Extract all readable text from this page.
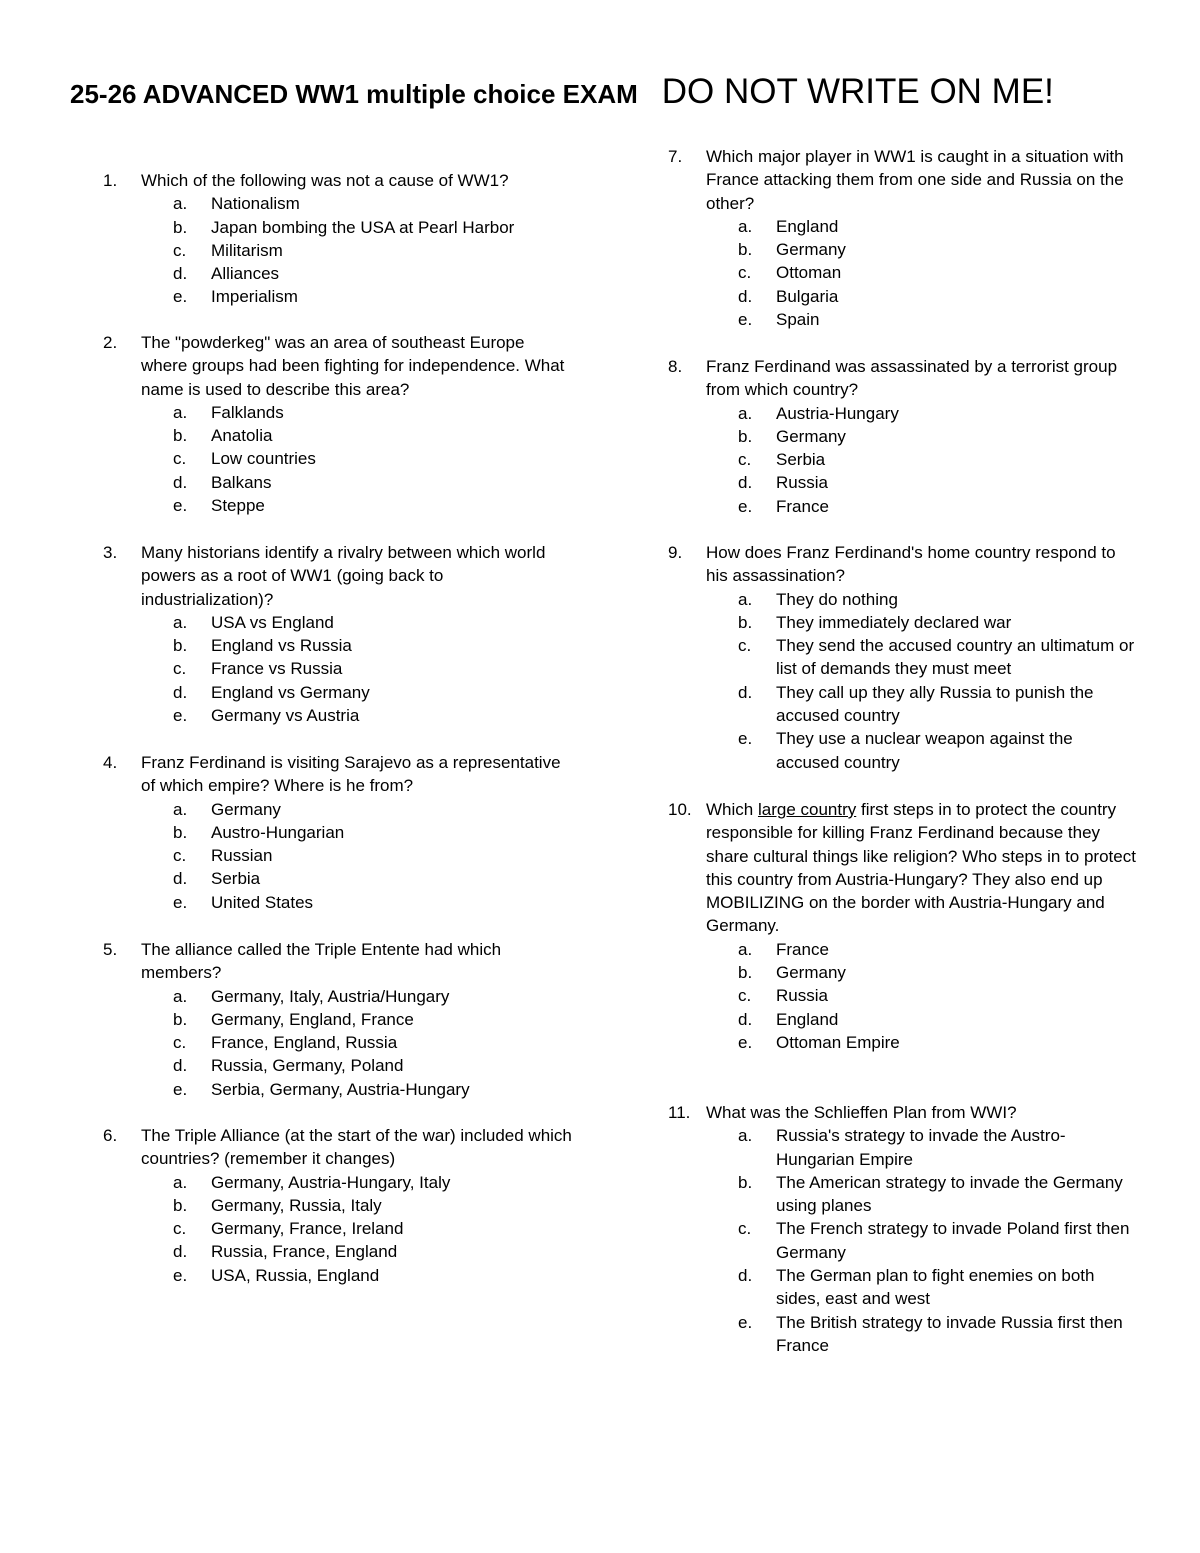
25-26 ADVANCED WW1 multiple choice EXAM DO NOT WRITE ON ME!
1.	Which of the following was not a cause of WW1?
a.	Nationalism
b.	Japan bombing the USA at Pearl Harbor
c.	Militarism
d.	Alliances
e.	Imperialism
2.	The "powderkeg" was an area of southeast Europe where groups had been fighting for independence. What name is used to describe this area?
a.	Falklands
b.	Anatolia
c.	Low countries
d.	Balkans
e.	Steppe
3.	Many historians identify a rivalry between which world powers as a root of WW1 (going back to industrialization)?
a.	USA vs England
b.	England vs Russia
c.	France vs Russia
d.	England vs Germany
e.	Germany vs Austria
4.	Franz Ferdinand is visiting Sarajevo as a representative of which empire? Where is he from?
a.	Germany
b.	Austro-Hungarian
c.	Russian
d.	Serbia
e.	United States
5.	The alliance called the Triple Entente had which members?
a.	Germany, Italy, Austria/Hungary
b.	Germany, England, France
c.	France, England, Russia
d.	Russia, Germany, Poland
e.	Serbia, Germany, Austria-Hungary
6.	The Triple Alliance (at the start of the war) included which countries? (remember it changes)
a.	Germany, Austria-Hungary, Italy
b.	Germany, Russia, Italy
c.	Germany, France, Ireland
d.	Russia, France, England
e.	USA, Russia, England
7.	Which major player in WW1 is caught in a situation with France attacking them from one side and Russia on the other?
a.	England
b.	Germany
c.	Ottoman
d.	Bulgaria
e.	Spain
8.	Franz Ferdinand was assassinated by a terrorist group from which country?
a.	Austria-Hungary
b.	Germany
c.	Serbia
d.	Russia
e.	France
9.	How does Franz Ferdinand's home country respond to his assassination?
a.	They do nothing
b.	They immediately declared war
c.	They send the accused country an ultimatum or list of demands they must meet
d.	They call up they ally Russia to punish the accused country
e.	They use a nuclear weapon against the accused country
10. Which large country first steps in to protect the country responsible for killing Franz Ferdinand because they share cultural things like religion? Who steps in to protect this country from Austria-Hungary? They also end up MOBILIZING on the border with Austria-Hungary and Germany.
a.	France
b.	Germany
c.	Russia
d.	England
e.	Ottoman Empire
11. What was the Schlieffen Plan from WWI?
a.	Russia's strategy to invade the Austro-Hungarian Empire
b.	The American strategy to invade the Germany using planes
c.	The French strategy to invade Poland first then Germany
d.	The German plan to fight enemies on both sides, east and west
e.	The British strategy to invade Russia first then France
